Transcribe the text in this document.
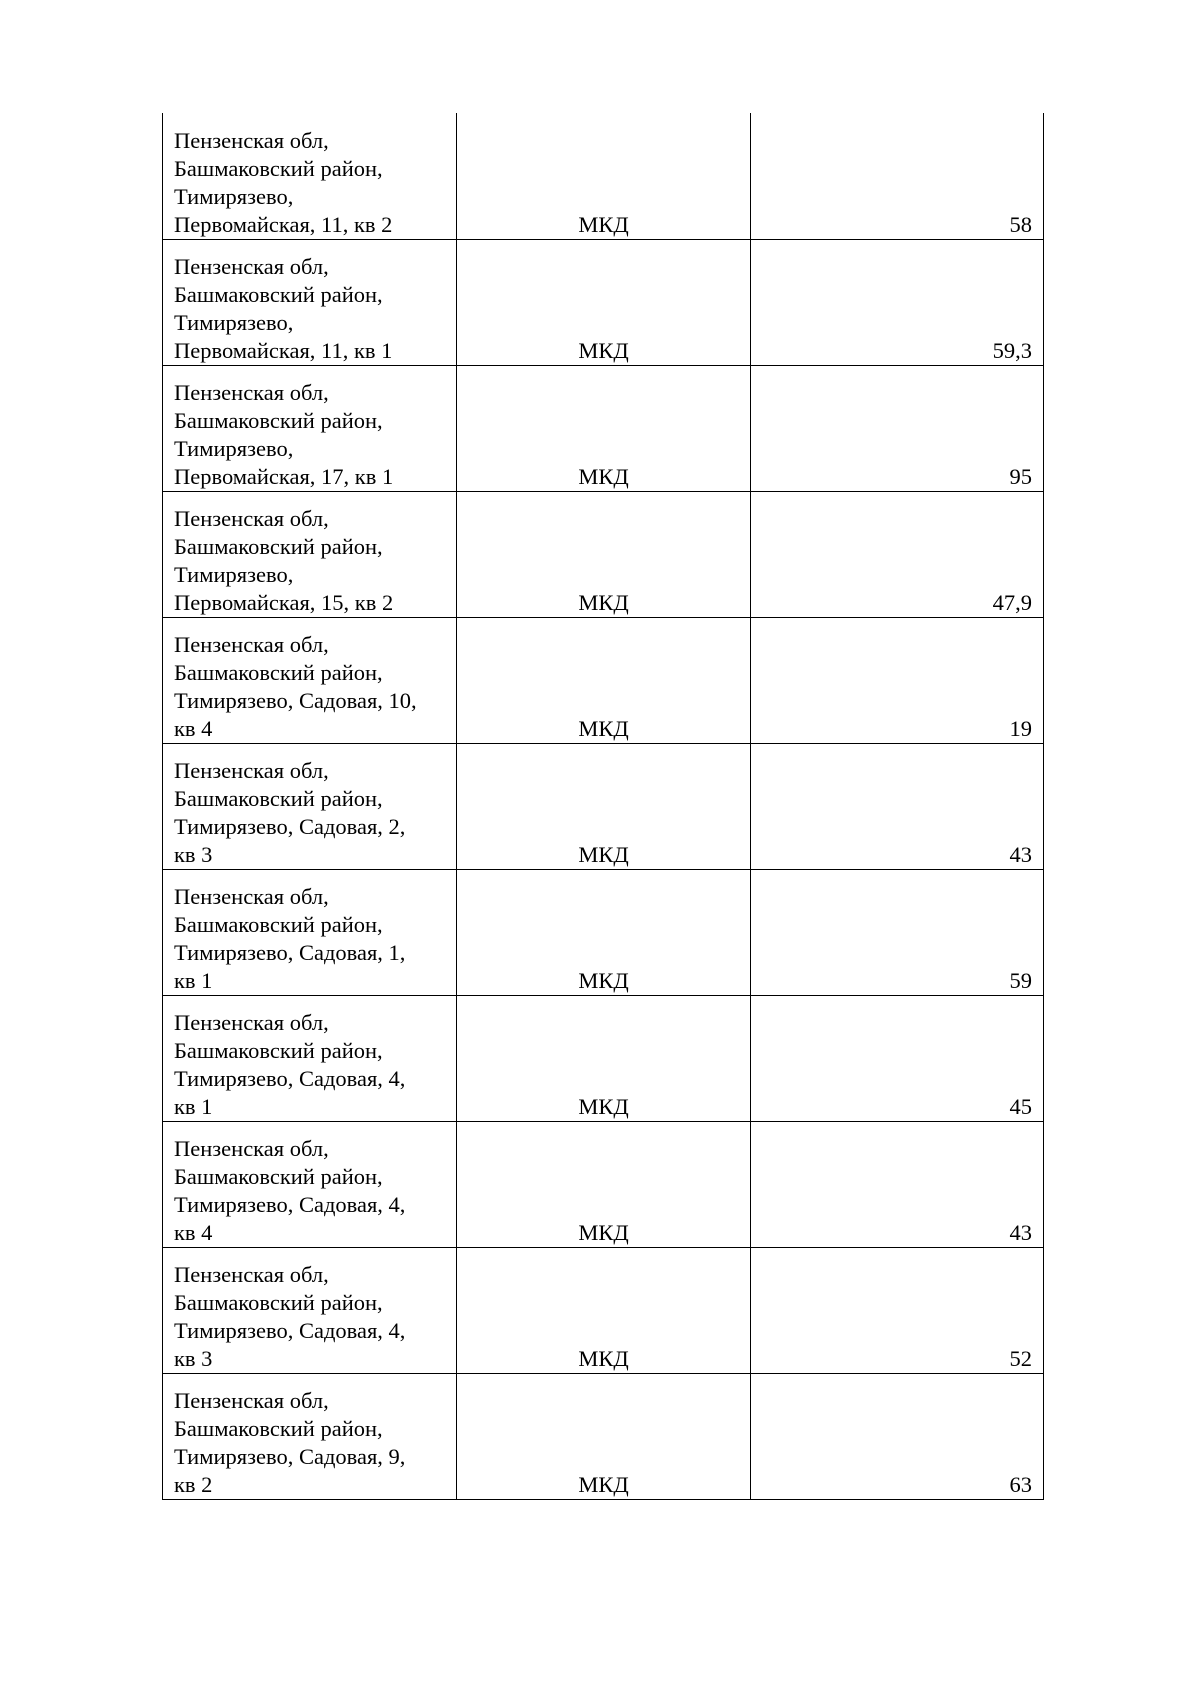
Пензенская обл,
Башмаковский район,
Тимирязево,
Первомайская, 11, кв 2	МКД	58

Пензенская обл,
Башмаковский район,
Тимирязево,
Первомайская, 11, кв 1	МКД	59,3

Пензенская обл,
Башмаковский район,
Тимирязево,
Первомайская, 17, кв 1	МКД	95

Пензенская обл,
Башмаковский район,
Тимирязево,
Первомайская, 15, кв 2	МКД	47,9

Пензенская обл,
Башмаковский район,
Тимирязево, Садовая, 10,
кв 4	МКД	19

Пензенская обл,
Башмаковский район,
Тимирязево, Садовая, 2,
кв 3	МКД	43

Пензенская обл,
Башмаковский район,
Тимирязево, Садовая, 1,
кв 1	МКД	59

Пензенская обл,
Башмаковский район,
Тимирязево, Садовая, 4,
кв 1	МКД	45

Пензенская обл,
Башмаковский район,
Тимирязево, Садовая, 4,
кв 4	МКД	43

Пензенская обл,
Башмаковский район,
Тимирязево, Садовая, 4,
кв 3	МКД	52

Пензенская обл,
Башмаковский район,
Тимирязево, Садовая, 9,
кв 2	МКД	63
